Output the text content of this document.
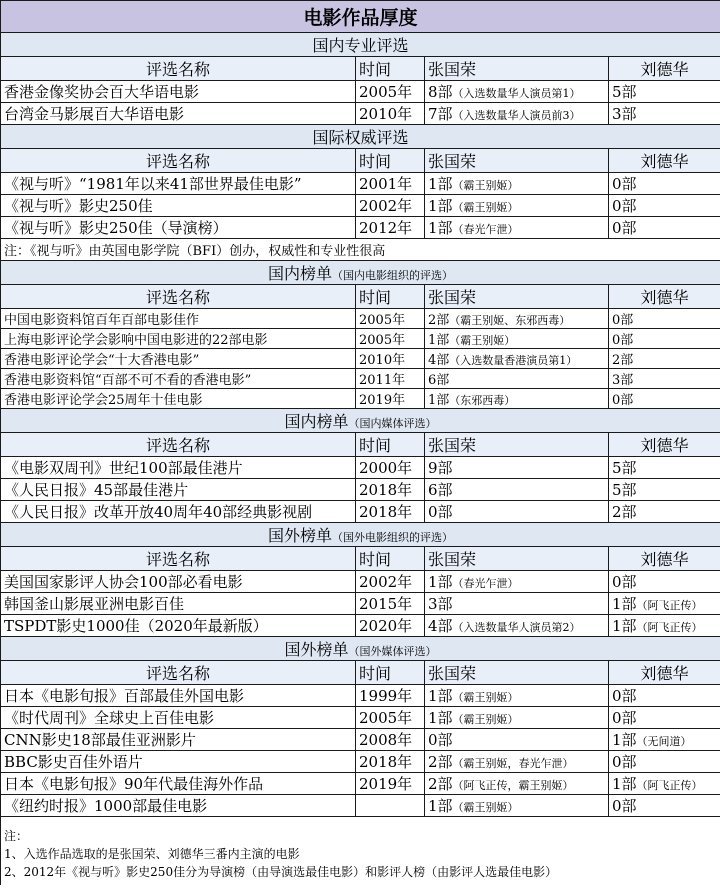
电影作品厚度			
国内专业评选			
评选名称	时间	张国荣	刘德华
香港金像奖协会百大华语电影	2005年	8部（入选数量华人演员第1）	5部
台湾金马影展百大华语电影	2010年	7部（入选数量华人演员前3）	3部
国际权威评选			
评选名称	时间	张国荣	刘德华
《视与听》“1981年以来41部世界最佳电影”	2001年	1部（霸王别姬）	0部
《视与听》影史250佳	2002年	1部（霸王别姬）	0部
《视与听》影史250佳（导演榜）	2012年	1部（春光乍泄）	0部
注：《视与听》由英国电影学院（BFI）创办，权威性和专业性很高			
国内榜单（国内电影组织的评选）			
评选名称	时间	张国荣	刘德华
中国电影资料馆百年百部电影佳作	2005年	2部（霸王别姬、东邪西毒）	0部
上海电影评论学会影响中国电影进的22部电影	2005年	1部（霸王别姬）	0部
香港电影评论学会“十大香港电影”	2010年	4部（入选数量香港演员第1）	2部
香港电影资料馆“百部不可不看的香港电影”	2011年	6部	3部
香港电影评论学会25周年十佳电影	2019年	1部（东邪西毒）	0部
国内榜单（国内媒体评选）			
评选名称	时间	张国荣	刘德华
《电影双周刊》世纪100部最佳港片	2000年	9部	5部
《人民日报》45部最佳港片	2018年	6部	5部
《人民日报》改革开放40周年40部经典影视剧	2018年	0部	2部
国外榜单（国外电影组织的评选）			
评选名称	时间	张国荣	刘德华
美国国家影评人协会100部必看电影	2002年	1部（春光乍泄）	0部
韩国釜山影展亚洲电影百佳	2015年	3部	1部（阿飞正传）
TSPDT影史1000佳（2020年最新版）	2020年	4部（入选数量华人演员第2）	1部（阿飞正传）
国外榜单（国外媒体评选）			
评选名称	时间	张国荣	刘德华
日本《电影旬报》百部最佳外国电影	1999年	1部（霸王别姬）	0部
《时代周刊》全球史上百佳电影	2005年	1部（霸王别姬）	0部
CNN影史18部最佳亚洲影片	2008年	0部	1部（无间道）
BBC影史百佳外语片	2018年	2部（霸王别姬，春光乍泄）	0部
日本《电影旬报》90年代最佳海外作品	2019年	2部（阿飞正传，霸王别姬）	1部（阿飞正传）
《纽约时报》1000部最佳电影		1部（霸王别姬）	0部

注：
1、入选作品选取的是张国荣、刘德华三番内主演的电影
2、2012年《视与听》影史250佳分为导演榜（由导演选最佳电影）和影评人榜（由影评人选最佳电影）			
